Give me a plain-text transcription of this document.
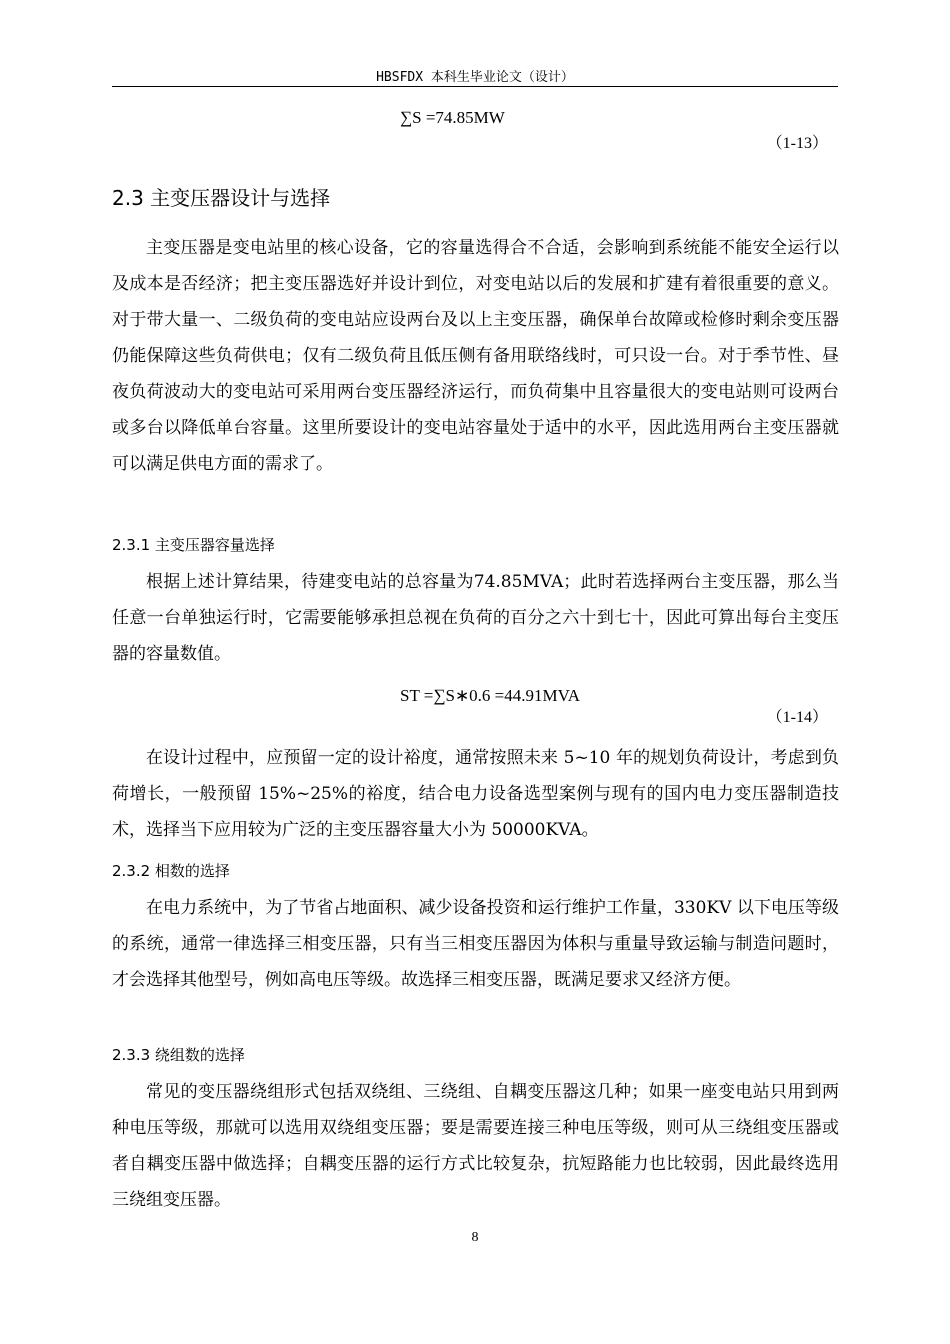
HBSFDX 本科生毕业论文（设计）
∑S =74.85MW
（1-13）
2.3 主变压器设计与选择

主变压器是变电站里的核心设备，它的容量选得合不合适，会影响到系统能不能安全运行以及成本是否经济；把主变压器选好并设计到位，对变电站以后的发展和扩建有着很重要的意义。对于带大量一、二级负荷的变电站应设两台及以上主变压器，确保单台故障或检修时剩余变压器仍能保障这些负荷供电；仅有二级负荷且低压侧有备用联络线时，可只设一台。对于季节性、昼夜负荷波动大的变电站可采用两台变压器经济运行，而负荷集中且容量很大的变电站则可设两台或多台以降低单台容量。这里所要设计的变电站容量处于适中的水平，因此选用两台主变压器就可以满足供电方面的需求了。

2.3.1 主变压器容量选择

根据上述计算结果，待建变电站的总容量为74.85MVA；此时若选择两台主变压器，那么当任意一台单独运行时，它需要能够承担总视在负荷的百分之六十到七十，因此可算出每台主变压器的容量数值。

ST =∑S∗0.6 =44.91MVA
（1-14）

在设计过程中，应预留一定的设计裕度，通常按照未来 5~10 年的规划负荷设计，考虑到负荷增长，一般预留 15%~25%的裕度，结合电力设备选型案例与现有的国内电力变压器制造技术，选择当下应用较为广泛的主变压器容量大小为 50000KVA。

2.3.2 相数的选择

在电力系统中，为了节省占地面积、减少设备投资和运行维护工作量，330KV 以下电压等级的系统，通常一律选择三相变压器，只有当三相变压器因为体积与重量导致运输与制造问题时，才会选择其他型号，例如高电压等级。故选择三相变压器，既满足要求又经济方便。

2.3.3 绕组数的选择

常见的变压器绕组形式包括双绕组、三绕组、自耦变压器这几种；如果一座变电站只用到两种电压等级，那就可以选用双绕组变压器；要是需要连接三种电压等级，则可从三绕组变压器或者自耦变压器中做选择；自耦变压器的运行方式比较复杂，抗短路能力也比较弱，因此最终选用三绕组变压器。

8
